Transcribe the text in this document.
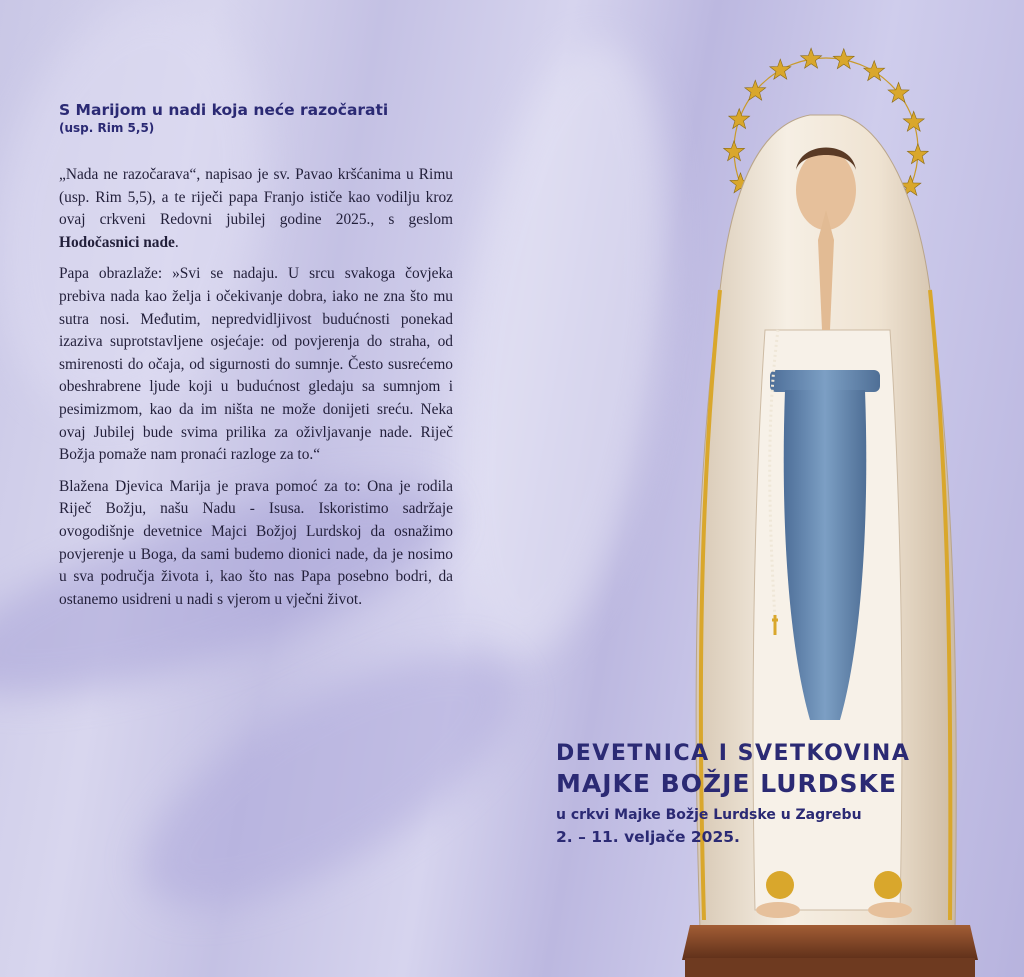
S Marijom u nadi koja neće razočarati
(usp. Rim 5,5)

„Nada ne razočarava“, napisao je sv. Pavao kršćanima u Rimu (usp. Rim 5,5), a te riječi papa Franjo ističe kao vodilju kroz ovaj crkveni Redovni jubilej godine 2025., s geslom Hodočasnici nade.

Papa obrazlaže: »Svi se nadaju. U srcu svakoga čovjeka prebiva nada kao želja i očekivanje dobra, iako ne zna što mu sutra nosi. Međutim, nepredvidljivost budućnosti ponekad izaziva suprotstavljene osjećaje: od povjerenja do straha, od smirenosti do očaja, od sigurnosti do sumnje. Često susrećemo obeshrabrene ljude koji u budućnost gledaju sa sumnjom i pesimizmom, kao da im ništa ne može donijeti sreću. Neka ovaj Jubilej bude svima prilika za oživljavanje nade. Riječ Božja pomaže nam pronaći razloge za to.“

Blažena Djevica Marija je prava pomoć za to: Ona je rodila Riječ Božju, našu Nadu - Isusa. Iskoristimo sadržaje ovogodišnje devetnice Majci Božjoj Lurdskoj da osnažimo povjerenje u Boga, da sami budemo dionici nade, da je nosimo u sva područja života i, kao što nas Papa posebno bodri, da ostanemo usidreni u nadi s vjerom u vječni život.

DEVETNICA I SVETKOVINA
MAJKE BOŽJE LURDSKE
u crkvi Majke Božje Lurdske u Zagrebu
2. – 11. veljače 2025.
